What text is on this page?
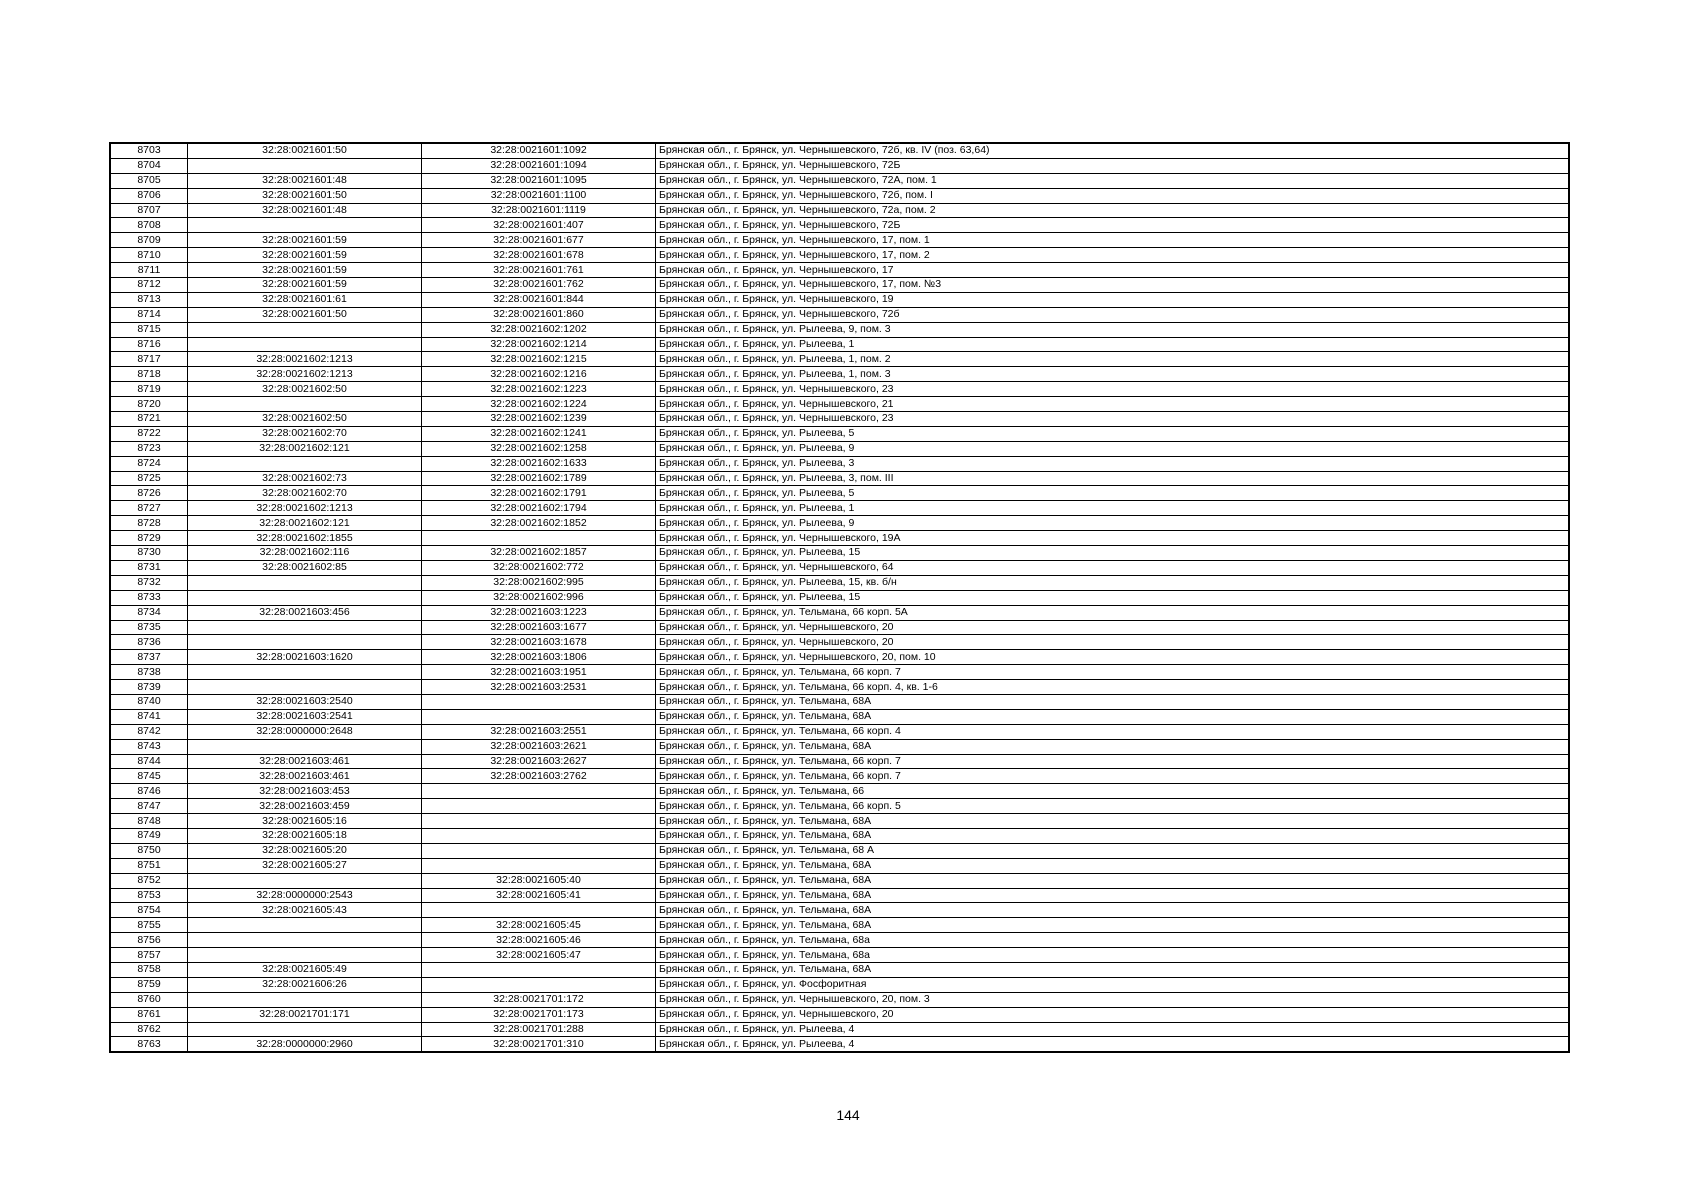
8703	32:28:0021601:50	32:28:0021601:1092	Брянская обл., г. Брянск, ул. Чернышевского, 72б, кв. IV (поз. 63,64)
8704		32:28:0021601:1094	Брянская обл., г. Брянск, ул. Чернышевского, 72Б
8705	32:28:0021601:48	32:28:0021601:1095	Брянская обл., г. Брянск, ул. Чернышевского, 72А, пом. 1
8706	32:28:0021601:50	32:28:0021601:1100	Брянская обл., г. Брянск, ул. Чернышевского, 72б, пом. I
8707	32:28:0021601:48	32:28:0021601:1119	Брянская обл., г. Брянск, ул. Чернышевского, 72а, пом. 2
8708		32:28:0021601:407	Брянская обл., г. Брянск, ул. Чернышевского, 72Б
8709	32:28:0021601:59	32:28:0021601:677	Брянская обл., г. Брянск, ул. Чернышевского, 17, пом. 1
8710	32:28:0021601:59	32:28:0021601:678	Брянская обл., г. Брянск, ул. Чернышевского, 17, пом. 2
8711	32:28:0021601:59	32:28:0021601:761	Брянская обл., г. Брянск, ул. Чернышевского, 17
8712	32:28:0021601:59	32:28:0021601:762	Брянская обл., г. Брянск, ул. Чернышевского, 17, пом. №3
8713	32:28:0021601:61	32:28:0021601:844	Брянская обл., г. Брянск, ул. Чернышевского, 19
8714	32:28:0021601:50	32:28:0021601:860	Брянская обл., г. Брянск, ул. Чернышевского, 72б
8715		32:28:0021602:1202	Брянская обл., г. Брянск, ул. Рылеева, 9, пом. 3
8716		32:28:0021602:1214	Брянская обл., г. Брянск, ул. Рылеева, 1
8717	32:28:0021602:1213	32:28:0021602:1215	Брянская обл., г. Брянск, ул. Рылеева, 1, пом. 2
8718	32:28:0021602:1213	32:28:0021602:1216	Брянская обл., г. Брянск, ул. Рылеева, 1, пом. 3
8719	32:28:0021602:50	32:28:0021602:1223	Брянская обл., г. Брянск, ул. Чернышевского, 23
8720		32:28:0021602:1224	Брянская обл., г. Брянск, ул. Чернышевского, 21
8721	32:28:0021602:50	32:28:0021602:1239	Брянская обл., г. Брянск, ул. Чернышевского, 23
8722	32:28:0021602:70	32:28:0021602:1241	Брянская обл., г. Брянск, ул. Рылеева, 5
8723	32:28:0021602:121	32:28:0021602:1258	Брянская обл., г. Брянск, ул. Рылеева, 9
8724		32:28:0021602:1633	Брянская обл., г. Брянск, ул. Рылеева, 3
8725	32:28:0021602:73	32:28:0021602:1789	Брянская обл., г. Брянск, ул. Рылеева, 3, пом. III
8726	32:28:0021602:70	32:28:0021602:1791	Брянская обл., г. Брянск, ул. Рылеева, 5
8727	32:28:0021602:1213	32:28:0021602:1794	Брянская обл., г. Брянск, ул. Рылеева, 1
8728	32:28:0021602:121	32:28:0021602:1852	Брянская обл., г. Брянск, ул. Рылеева, 9
8729	32:28:0021602:1855		Брянская обл., г. Брянск, ул. Чернышевского, 19А
8730	32:28:0021602:116	32:28:0021602:1857	Брянская обл., г. Брянск, ул. Рылеева, 15
8731	32:28:0021602:85	32:28:0021602:772	Брянская обл., г. Брянск, ул. Чернышевского, 64
8732		32:28:0021602:995	Брянская обл., г. Брянск, ул. Рылеева, 15, кв. б/н
8733		32:28:0021602:996	Брянская обл., г. Брянск, ул. Рылеева, 15
8734	32:28:0021603:456	32:28:0021603:1223	Брянская обл., г. Брянск, ул. Тельмана, 66 корп. 5А
8735		32:28:0021603:1677	Брянская обл., г. Брянск, ул. Чернышевского, 20
8736		32:28:0021603:1678	Брянская обл., г. Брянск, ул. Чернышевского, 20
8737	32:28:0021603:1620	32:28:0021603:1806	Брянская обл., г. Брянск, ул. Чернышевского, 20, пом. 10
8738		32:28:0021603:1951	Брянская обл., г. Брянск, ул. Тельмана, 66 корп. 7
8739		32:28:0021603:2531	Брянская обл., г. Брянск, ул. Тельмана, 66 корп. 4, кв. 1-6
8740	32:28:0021603:2540		Брянская обл., г. Брянск, ул. Тельмана, 68А
8741	32:28:0021603:2541		Брянская обл., г. Брянск, ул. Тельмана, 68А
8742	32:28:0000000:2648	32:28:0021603:2551	Брянская обл., г. Брянск, ул. Тельмана, 66 корп. 4
8743		32:28:0021603:2621	Брянская обл., г. Брянск, ул. Тельмана, 68А
8744	32:28:0021603:461	32:28:0021603:2627	Брянская обл., г. Брянск, ул. Тельмана, 66 корп. 7
8745	32:28:0021603:461	32:28:0021603:2762	Брянская обл., г. Брянск, ул. Тельмана, 66 корп. 7
8746	32:28:0021603:453		Брянская обл., г. Брянск, ул. Тельмана, 66
8747	32:28:0021603:459		Брянская обл., г. Брянск, ул. Тельмана, 66 корп. 5
8748	32:28:0021605:16		Брянская обл., г. Брянск, ул. Тельмана, 68А
8749	32:28:0021605:18		Брянская обл., г. Брянск, ул. Тельмана, 68А
8750	32:28:0021605:20		Брянская обл., г. Брянск, ул. Тельмана, 68 А
8751	32:28:0021605:27		Брянская обл., г. Брянск, ул. Тельмана, 68А
8752		32:28:0021605:40	Брянская обл., г. Брянск, ул. Тельмана, 68А
8753	32:28:0000000:2543	32:28:0021605:41	Брянская обл., г. Брянск, ул. Тельмана, 68А
8754	32:28:0021605:43		Брянская обл., г. Брянск, ул. Тельмана, 68А
8755		32:28:0021605:45	Брянская обл., г. Брянск, ул. Тельмана, 68А
8756		32:28:0021605:46	Брянская обл., г. Брянск, ул. Тельмана, 68а
8757		32:28:0021605:47	Брянская обл., г. Брянск, ул. Тельмана, 68а
8758	32:28:0021605:49		Брянская обл., г. Брянск, ул. Тельмана, 68А
8759	32:28:0021606:26		Брянская обл., г. Брянск, ул. Фосфоритная
8760		32:28:0021701:172	Брянская обл., г. Брянск, ул. Чернышевского, 20, пом. 3
8761	32:28:0021701:171	32:28:0021701:173	Брянская обл., г. Брянск, ул. Чернышевского, 20
8762		32:28:0021701:288	Брянская обл., г. Брянск, ул. Рылеева, 4
8763	32:28:0000000:2960	32:28:0021701:310	Брянская обл., г. Брянск, ул. Рылеева, 4
144
